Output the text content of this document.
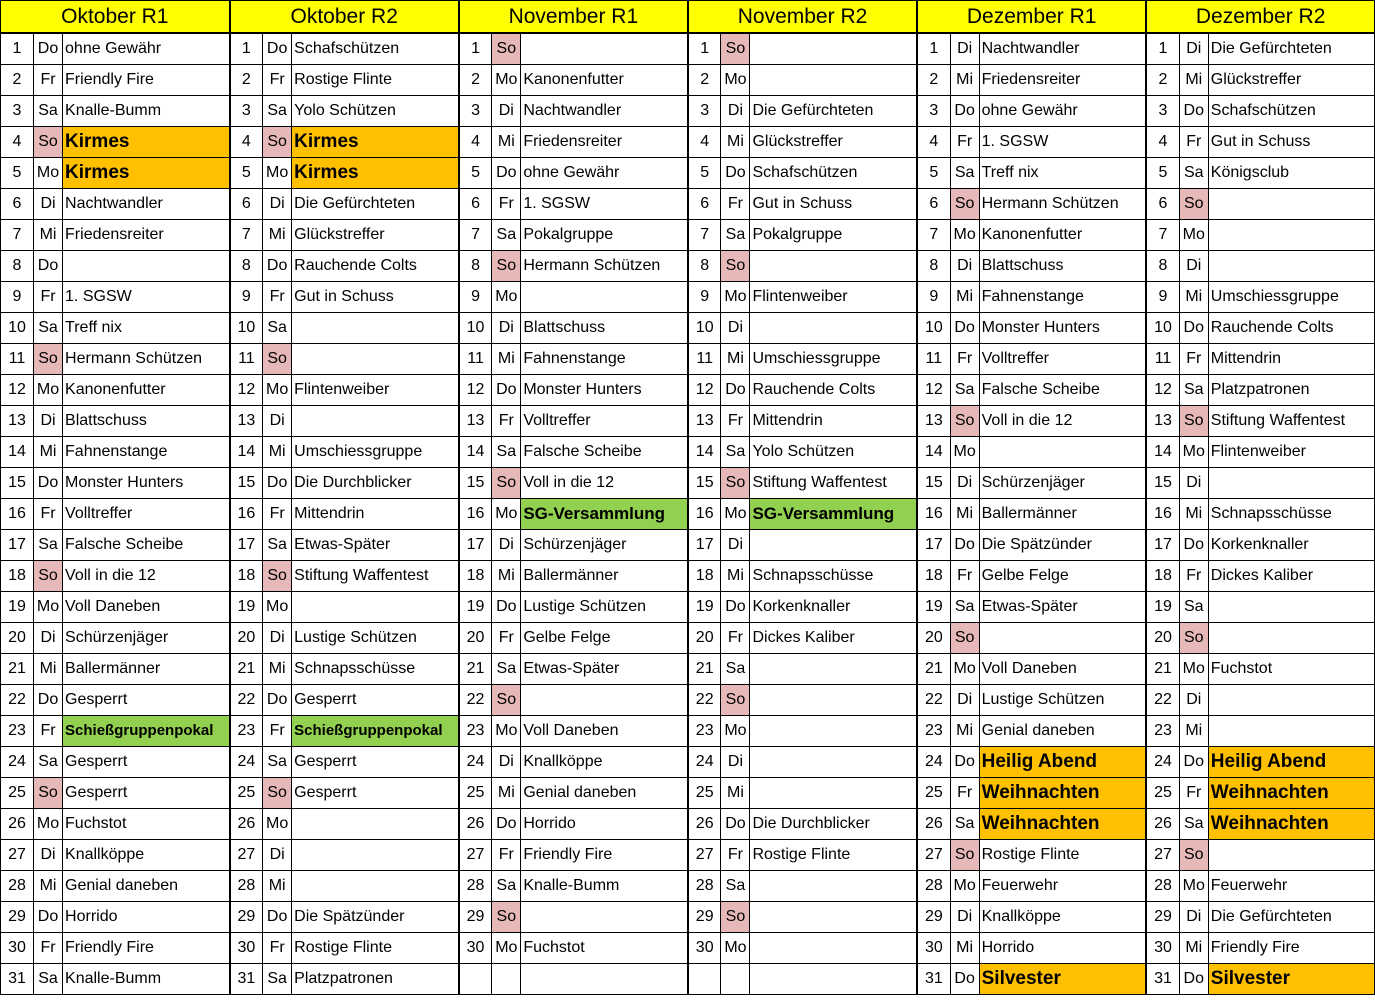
Oktober R1			Oktober R2			November R1			November R2			Dezember R1			Dezember R2		
1	Do	ohne Gewähr	1	Do	Schafschützen	1	So		1	So		1	Di	Nachtwandler	1	Di	Die Gefürchteten
2	Fr	Friendly Fire	2	Fr	Rostige Flinte	2	Mo	Kanonenfutter	2	Mo		2	Mi	Friedensreiter	2	Mi	Glückstreffer
3	Sa	Knalle-Bumm	3	Sa	Yolo Schützen	3	Di	Nachtwandler	3	Di	Die Gefürchteten	3	Do	ohne Gewähr	3	Do	Schafschützen
4	So	Kirmes	4	So	Kirmes	4	Mi	Friedensreiter	4	Mi	Glückstreffer	4	Fr	1. SGSW	4	Fr	Gut in Schuss
5	Mo	Kirmes	5	Mo	Kirmes	5	Do	ohne Gewähr	5	Do	Schafschützen	5	Sa	Treff nix	5	Sa	Königsclub
6	Di	Nachtwandler	6	Di	Die Gefürchteten	6	Fr	1. SGSW	6	Fr	Gut in Schuss	6	So	Hermann Schützen	6	So	
7	Mi	Friedensreiter	7	Mi	Glückstreffer	7	Sa	Pokalgruppe	7	Sa	Pokalgruppe	7	Mo	Kanonenfutter	7	Mo	
8	Do		8	Do	Rauchende Colts	8	So	Hermann Schützen	8	So		8	Di	Blattschuss	8	Di	
9	Fr	1. SGSW	9	Fr	Gut in Schuss	9	Mo		9	Mo	Flintenweiber	9	Mi	Fahnenstange	9	Mi	Umschiessgruppe
10	Sa	Treff nix	10	Sa		10	Di	Blattschuss	10	Di		10	Do	Monster Hunters	10	Do	Rauchende Colts
11	So	Hermann Schützen	11	So		11	Mi	Fahnenstange	11	Mi	Umschiessgruppe	11	Fr	Volltreffer	11	Fr	Mittendrin
12	Mo	Kanonenfutter	12	Mo	Flintenweiber	12	Do	Monster Hunters	12	Do	Rauchende Colts	12	Sa	Falsche Scheibe	12	Sa	Platzpatronen
13	Di	Blattschuss	13	Di		13	Fr	Volltreffer	13	Fr	Mittendrin	13	So	Voll in die 12	13	So	Stiftung Waffentest
14	Mi	Fahnenstange	14	Mi	Umschiessgruppe	14	Sa	Falsche Scheibe	14	Sa	Yolo Schützen	14	Mo		14	Mo	Flintenweiber
15	Do	Monster Hunters	15	Do	Die Durchblicker	15	So	Voll in die 12	15	So	Stiftung Waffentest	15	Di	Schürzenjäger	15	Di	
16	Fr	Volltreffer	16	Fr	Mittendrin	16	Mo	SG-Versammlung	16	Mo	SG-Versammlung	16	Mi	Ballermänner	16	Mi	Schnapsschüsse
17	Sa	Falsche Scheibe	17	Sa	Etwas-Später	17	Di	Schürzenjäger	17	Di		17	Do	Die Spätzünder	17	Do	Korkenknaller
18	So	Voll in die 12	18	So	Stiftung Waffentest	18	Mi	Ballermänner	18	Mi	Schnapsschüsse	18	Fr	Gelbe Felge	18	Fr	Dickes Kaliber
19	Mo	Voll Daneben	19	Mo		19	Do	Lustige Schützen	19	Do	Korkenknaller	19	Sa	Etwas-Später	19	Sa	
20	Di	Schürzenjäger	20	Di	Lustige Schützen	20	Fr	Gelbe Felge	20	Fr	Dickes Kaliber	20	So		20	So	
21	Mi	Ballermänner	21	Mi	Schnapsschüsse	21	Sa	Etwas-Später	21	Sa		21	Mo	Voll Daneben	21	Mo	Fuchstot
22	Do	Gesperrt	22	Do	Gesperrt	22	So		22	So		22	Di	Lustige Schützen	22	Di	
23	Fr	Schießgruppenpokal	23	Fr	Schießgruppenpokal	23	Mo	Voll Daneben	23	Mo		23	Mi	Genial daneben	23	Mi	
24	Sa	Gesperrt	24	Sa	Gesperrt	24	Di	Knallköppe	24	Di		24	Do	Heilig Abend	24	Do	Heilig Abend
25	So	Gesperrt	25	So	Gesperrt	25	Mi	Genial daneben	25	Mi		25	Fr	Weihnachten	25	Fr	Weihnachten
26	Mo	Fuchstot	26	Mo		26	Do	Horrido	26	Do	Die Durchblicker	26	Sa	Weihnachten	26	Sa	Weihnachten
27	Di	Knallköppe	27	Di		27	Fr	Friendly Fire	27	Fr	Rostige Flinte	27	So	Rostige Flinte	27	So	
28	Mi	Genial daneben	28	Mi		28	Sa	Knalle-Bumm	28	Sa		28	Mo	Feuerwehr	28	Mo	Feuerwehr
29	Do	Horrido	29	Do	Die Spätzünder	29	So		29	So		29	Di	Knallköppe	29	Di	Die Gefürchteten
30	Fr	Friendly Fire	30	Fr	Rostige Flinte	30	Mo	Fuchstot	30	Mo		30	Mi	Horrido	30	Mi	Friendly Fire
31	Sa	Knalle-Bumm	31	Sa	Platzpatronen							31	Do	Silvester	31	Do	Silvester
